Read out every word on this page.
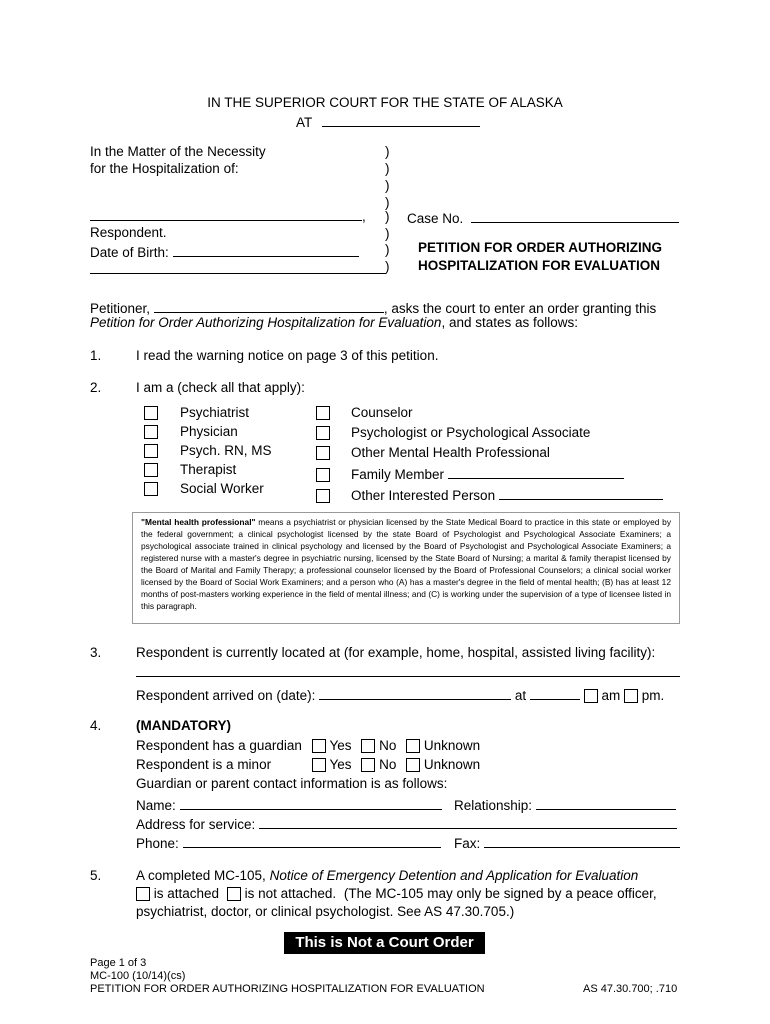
IN THE SUPERIOR COURT FOR THE STATE OF ALASKA
AT
In the Matter of the Necessity
for the Hospitalization of:
,
Respondent.
Date of Birth:
)
)
)
)
)
)
)
)
Case No.
PETITION FOR ORDER AUTHORIZING
HOSPITALIZATION FOR EVALUATION
Petitioner,	, asks the court to enter an order granting this
Petition for Order Authorizing Hospitalization for Evaluation, and states as follows:
1.	I read the warning notice on page 3 of this petition.
2.	I am a (check all that apply):
Psychiatrist
Physician
Psych. RN, MS
Therapist
Social Worker
Counselor
Psychologist or Psychological Associate
Other Mental Health Professional
Family Member
Other Interested Person
"Mental health professional" means a psychiatrist or physician licensed by the State Medical Board to practice in this state or employed by the federal government; a clinical psychologist licensed by the state Board of Psychologist and Psychological Associate Examiners; a psychological associate trained in clinical psychology and licensed by the Board of Psychologist and Psychological Associate Examiners; a registered nurse with a master's degree in psychiatric nursing, licensed by the State Board of Nursing; a marital & family therapist licensed by the Board of Marital and Family Therapy; a professional counselor licensed by the Board of Professional Counselors; a clinical social worker licensed by the Board of Social Work Examiners; and a person who (A) has a master's degree in the field of mental health; (B) has at least 12 months of post-masters working experience in the field of mental illness; and (C) is working under the supervision of a type of licensee listed in this paragraph.
3.	Respondent is currently located at (for example, home, hospital, assisted living facility):
Respondent arrived on (date):	at	am pm.
4.	(MANDATORY)
Respondent has a guardian	Yes No Unknown
Respondent is a minor	Yes No Unknown
Guardian or parent contact information is as follows:
Name:	Relationship:
Address for service:
Phone:	Fax:
5.	A completed MC-105, Notice of Emergency Detention and Application for Evaluation
is attached is not attached. (The MC-105 may only be signed by a peace officer,
psychiatrist, doctor, or clinical psychologist. See AS 47.30.705.)
This is Not a Court Order
Page 1 of 3
MC-100 (10/14)(cs)
PETITION FOR ORDER AUTHORIZING HOSPITALIZATION FOR EVALUATION	AS 47.30.700; .710
